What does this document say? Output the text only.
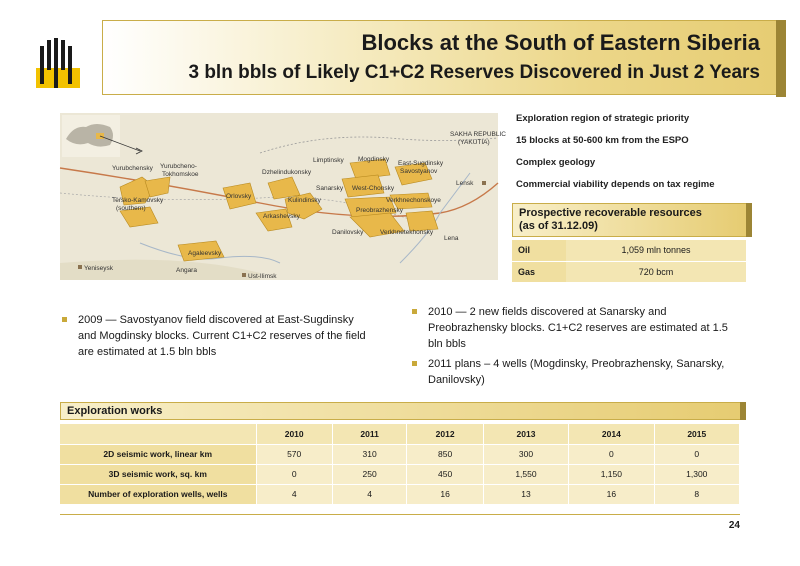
Blocks at the South of Eastern Siberia
3 bln bbls of Likely C1+C2 Reserves Discovered in Just 2 Years
SAKHA REPUBLIC
(YAKUTIA)
Lensk
Yurubchensky Yurubcheno-
Tokhomskoe
Tersko-Kamovsky
(southern)
Orlovsky
Dzhelindukonsky
Limptinsky Mogdinsky
East-Sugdinsky
Savostyanov
Sanarsky West-Chonsky
Kulindinsky	Verkhnechonskoye
Preobrazhensky
Danilovsky	Verkhnetekhonsky
Arkashevsky
Agaleevsky
Angara
Lena
Yeniseysk
Ust-Ilimsk
Exploration region of strategic priority
15 blocks at 50-600 km from the ESPO
Complex geology
Commercial viability depends on tax regime
Prospective recoverable resources
(as of 31.12.09)
Oil	1,059 mln tonnes
Gas	720 bcm
2009 — Savostyanov field discovered at East-Sugdinsky and Mogdinsky blocks. Current C1+C2 reserves of the field are estimated at 1.5 bln bbls
2010 — 2 new fields discovered at Sanarsky and Preobrazhensky blocks. C1+C2 reserves are estimated at 1.5 bln bbls
2011 plans – 4 wells (Mogdinsky, Preobrazhensky, Sanarsky, Danilovsky)
Exploration works
	2010	2011	2012	2013	2014	2015
2D seismic work, linear km	570	310	850	300	0	0
3D seismic work, sq. km	0	250	450	1,550	1,150	1,300
Number of exploration wells, wells	4	4	16	13	16	8
24
